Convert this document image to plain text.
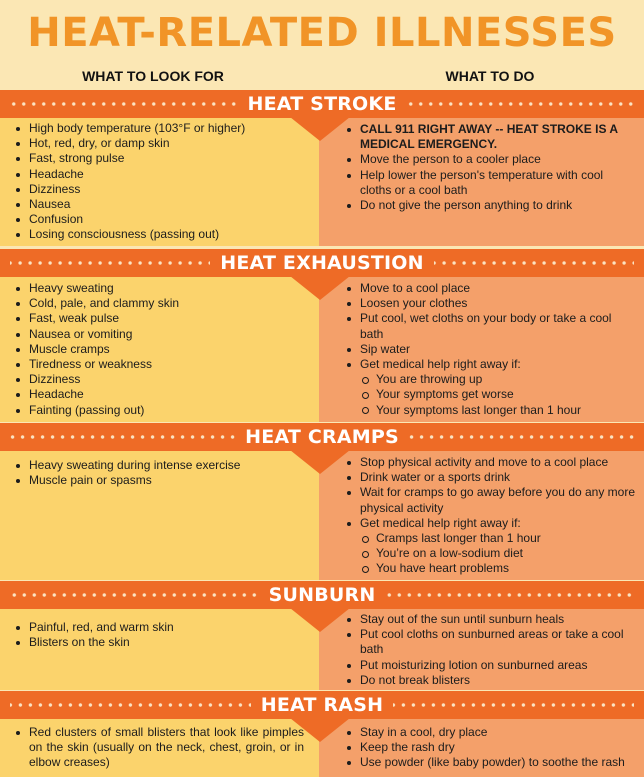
HEAT-RELATED ILLNESSES
WHAT TO LOOK FOR	WHAT TO DO
High body temperature (103°F or higher)
Hot, red, dry, or damp skin
Fast, strong pulse
Headache
Dizziness
Nausea
Confusion
Losing consciousness (passing out)
CALL 911 RIGHT AWAY -- HEAT STROKE IS A MEDICAL EMERGENCY.
Move the person to a cooler place
Help lower the person's temperature with cool cloths or a cool bath
Do not give the person anything to drink
Heavy sweating
Cold, pale, and clammy skin
Fast, weak pulse
Nausea or vomiting
Muscle cramps
Tiredness or weakness
Dizziness
Headache
Fainting (passing out)
Move to a cool place
Loosen your clothes
Put cool, wet cloths on your body or take a cool bath
Sip water
Get medical help right away if:
You are throwing up
Your symptoms get worse
Your symptoms last longer than 1 hour
Heavy sweating during intense exercise
Muscle pain or spasms
Stop physical activity and move to a cool place
Drink water or a sports drink
Wait for cramps to go away before you do any more physical activity
Get medical help right away if:
Cramps last longer than 1 hour
You’re on a low-sodium diet
You have heart problems
Painful, red, and warm skin
Blisters on the skin
Stay out of the sun until sunburn heals
Put cool cloths on sunburned areas or take a cool bath
Put moisturizing lotion on sunburned areas
Do not break blisters
Red clusters of small blisters that look like pimples on the skin (usually on the neck, chest, groin, or in elbow creases)
Stay in a cool, dry place
Keep the rash dry
Use powder (like baby powder) to soothe the rash
HEAT STROKE
HEAT EXHAUSTION
HEAT CRAMPS
SUNBURN
HEAT RASH
